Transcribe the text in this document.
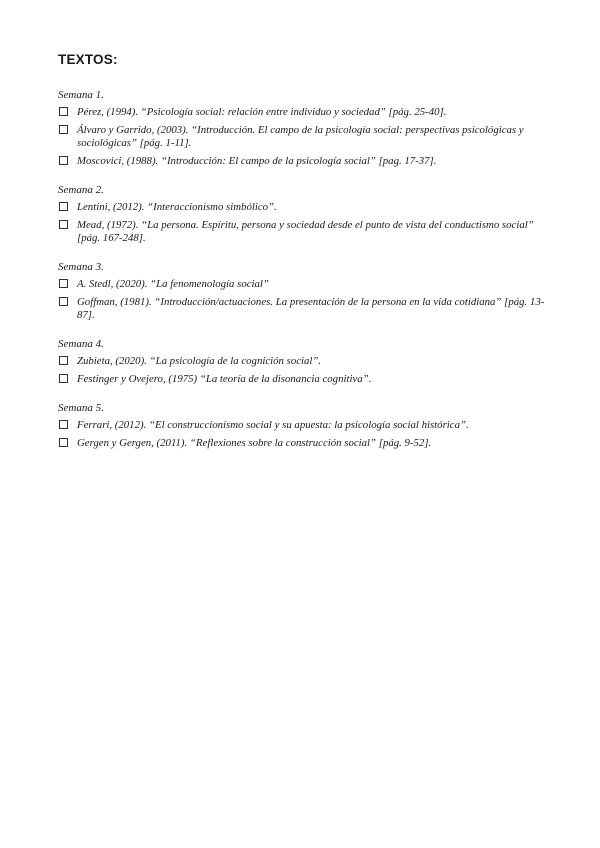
TEXTOS:
Semana 1.
Pérez, (1994). “Psicología social: relación entre individuo y sociedad” [pág. 25-40].
Álvaro y Garrido, (2003). “Introducción. El campo de la psicología social: perspectivas psicológicas y sociológicas” [pág. 1-11].
Moscovici, (1988). “Introducción: El campo de la psicología social” [pag. 17-37].
Semana 2.
Lentini, (2012). “Interaccionismo simbólico”.
Mead, (1972). “La persona. Espíritu, persona y sociedad desde el punto de vista del conductismo social” [pág. 167-248].
Semana 3.
A. Stedl, (2020). “La fenomenología social”
Goffman, (1981). “Introducción/actuaciones. La presentación de la persona en la vida cotidiana” [pág. 13-87].
Semana 4.
Zubieta, (2020). “La psicología de la cognición social”.
Festinger y Ovejero, (1975) “La teoría de la disonancia cognitiva”.
Semana 5.
Ferrari, (2012). “El construccionismo social y su apuesta: la psicología social histórica”.
Gergen y Gergen, (2011). “Reflexiones sobre la construcción social” [pág. 9-52].
